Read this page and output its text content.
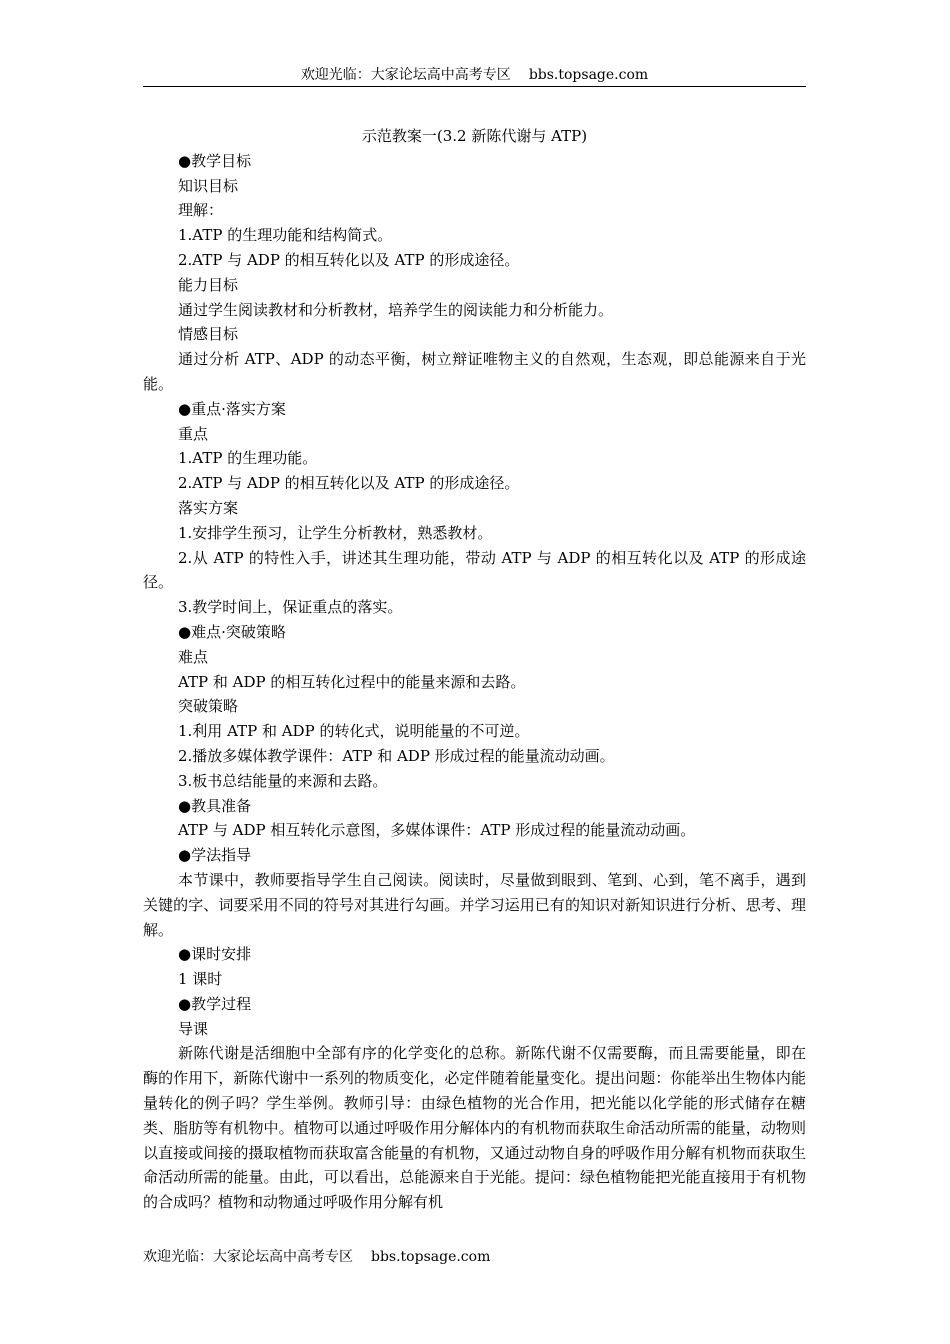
欢迎光临：大家论坛高中高考专区 bbs.topsage.com

示范教案一(3.2 新陈代谢与 ATP)

●教学目标

知识目标

理解：

1.ATP 的生理功能和结构简式。

2.ATP 与 ADP 的相互转化以及 ATP 的形成途径。

能力目标

通过学生阅读教材和分析教材，培养学生的阅读能力和分析能力。

情感目标

通过分析 ATP、ADP 的动态平衡，树立辩证唯物主义的自然观，生态观，即总能源来自于光能。

●重点·落实方案

重点

1.ATP 的生理功能。

2.ATP 与 ADP 的相互转化以及 ATP 的形成途径。

落实方案

1.安排学生预习，让学生分析教材，熟悉教材。

2.从 ATP 的特性入手，讲述其生理功能，带动 ATP 与 ADP 的相互转化以及 ATP 的形成途径。

3.教学时间上，保证重点的落实。

●难点·突破策略

难点

ATP 和 ADP 的相互转化过程中的能量来源和去路。

突破策略

1.利用 ATP 和 ADP 的转化式，说明能量的不可逆。

2.播放多媒体教学课件：ATP 和 ADP 形成过程的能量流动动画。

3.板书总结能量的来源和去路。

●教具准备

ATP 与 ADP 相互转化示意图，多媒体课件：ATP 形成过程的能量流动动画。

●学法指导

本节课中，教师要指导学生自己阅读。阅读时，尽量做到眼到、笔到、心到，笔不离手，遇到关键的字、词要采用不同的符号对其进行勾画。并学习运用已有的知识对新知识进行分析、思考、理解。

●课时安排

1 课时

●教学过程

导课

新陈代谢是活细胞中全部有序的化学变化的总称。新陈代谢不仅需要酶，而且需要能量，即在酶的作用下，新陈代谢中一系列的物质变化，必定伴随着能量变化。提出问题：你能举出生物体内能量转化的例子吗？学生举例。教师引导：由绿色植物的光合作用，把光能以化学能的形式储存在糖类、脂肪等有机物中。植物可以通过呼吸作用分解体内的有机物而获取生命活动所需的能量，动物则以直接或间接的摄取植物而获取富含能量的有机物，又通过动物自身的呼吸作用分解有机物而获取生命活动所需的能量。由此，可以看出，总能源来自于光能。提问：绿色植物能把光能直接用于有机物的合成吗？植物和动物通过呼吸作用分解有机

欢迎光临：大家论坛高中高考专区 bbs.topsage.com
